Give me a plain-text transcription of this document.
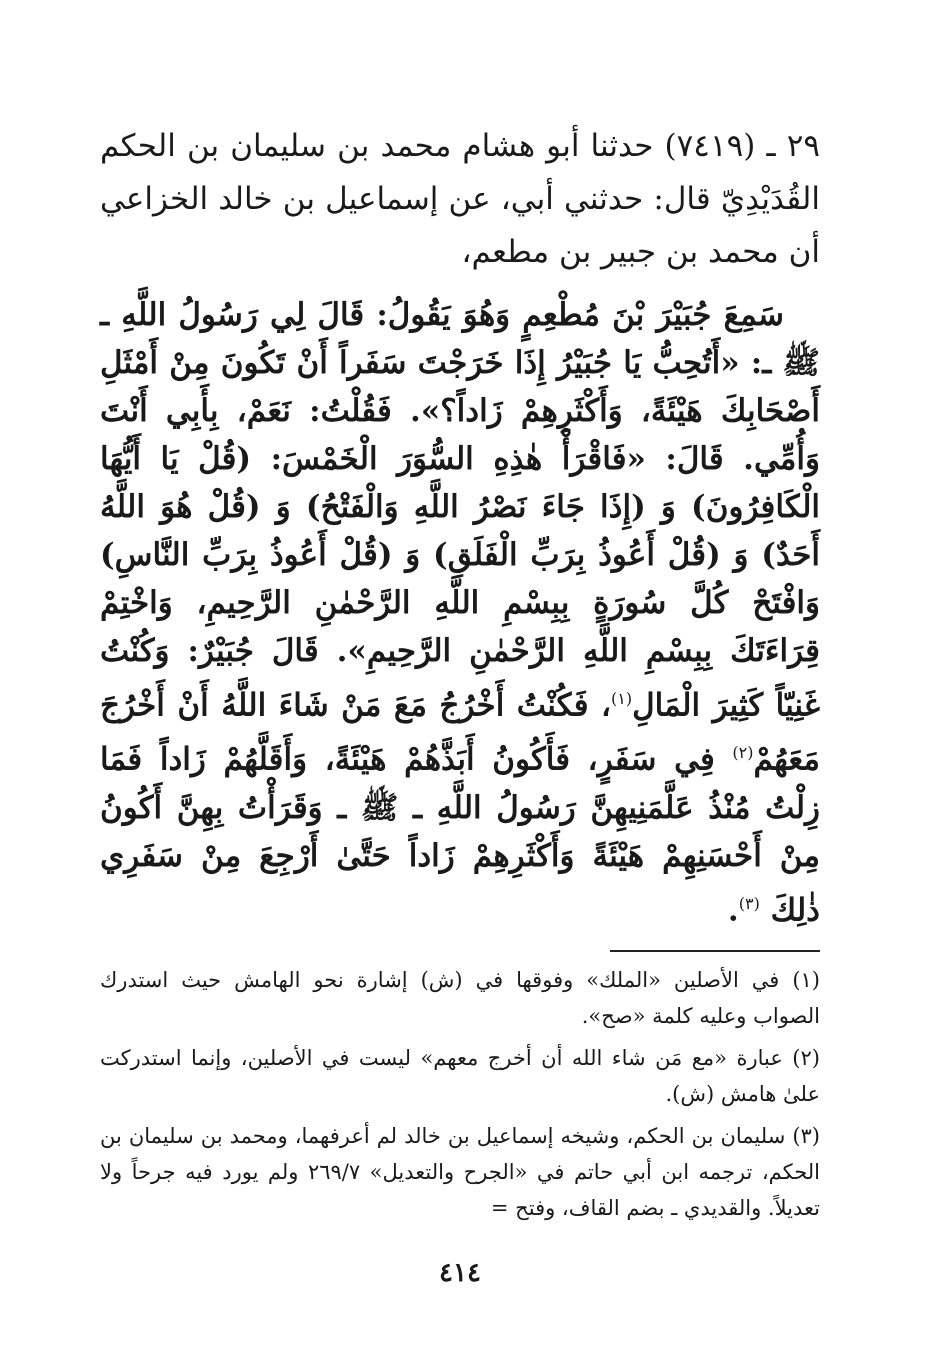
٢٩ ـ (٧٤١٩) حدثنا أبو هشام محمد بن سليمان بن الحكم القُدَيْدِيّ قال: حدثني أبي، عن إسماعيل بن خالد الخزاعي أن محمد بن جبير بن مطعم،

سَمِعَ جُبَيْرَ بْنَ مُطْعِمٍ وَهُوَ يَقُولُ: قَالَ لِي رَسُولُ اللَّهِ ـ ﷺ ـ: «أَتُحِبُّ يَا جُبَيْرُ إِذَا خَرَجْتَ سَفَراً أَنْ تَكُونَ مِنْ أَمْثَلِ أَصْحَابِكَ هَيْئَةً، وَأَكْثَرِهِمْ زَاداً؟». فَقُلْتُ: نَعَمْ، بِأَبِي أَنْتَ وَأُمِّي. قَالَ: «فَاقْرَأْ هٰذِهِ السُّوَرَ الْخَمْسَ: (قُلْ يَا أَيُّهَا الْكَافِرُونَ) وَ (إِذَا جَاءَ نَصْرُ اللَّهِ وَالْفَتْحُ) وَ (قُلْ هُوَ اللَّهُ أَحَدٌ) وَ (قُلْ أَعُوذُ بِرَبِّ الْفَلَقِ) وَ (قُلْ أَعُوذُ بِرَبِّ النَّاسِ) وَافْتَحْ كُلَّ سُورَةٍ بِبِسْمِ اللَّهِ الرَّحْمٰنِ الرَّحِيمِ، وَاخْتِمْ قِرَاءَتَكَ بِبِسْمِ اللَّهِ الرَّحْمٰنِ الرَّحِيمِ». قَالَ جُبَيْرٌ: وَكُنْتُ غَنِيّاً كَثِيرَ الْمَالِ$^{(١)}$، فَكُنْتُ أَخْرُجُ مَعَ مَنْ شَاءَ اللَّهُ أَنْ أَخْرُجَ مَعَهُمْ$^{(٢)}$ فِي سَفَرٍ، فَأَكُونُ أَبَذَّهُمْ هَيْئَةً، وَأَقَلَّهُمْ زَاداً فَمَا زِلْتُ مُنْذُ عَلَّمَنِيهِنَّ رَسُولُ اللَّهِ ـ ﷺ ـ وَقَرَأْتُ بِهِنَّ أَكُونُ مِنْ أَحْسَنِهِمْ هَيْئَةً وَأَكْثَرِهِمْ زَاداً حَتَّىٰ أَرْجِعَ مِنْ سَفَرِي ذٰلِكَ $^{(٣)}$.

(١) في الأصلين «الملك» وفوقها في (ش) إشارة نحو الهامش حيث استدرك الصواب وعليه كلمة «صح».

(٢) عبارة «مع مَن شاء الله أن أخرج معهم» ليست في الأصلين، وإنما استدركت علىٰ هامش (ش).

(٣) سليمان بن الحكم، وشيخه إسماعيل بن خالد لم أعرفهما، ومحمد بن سليمان بن الحكم، ترجمه ابن أبي حاتم في «الجرح والتعديل» ٢٦٩/٧ ولم يورد فيه جرحاً ولا تعديلاً. والقديدي ـ بضم القاف، وفتح =

٤١٤
